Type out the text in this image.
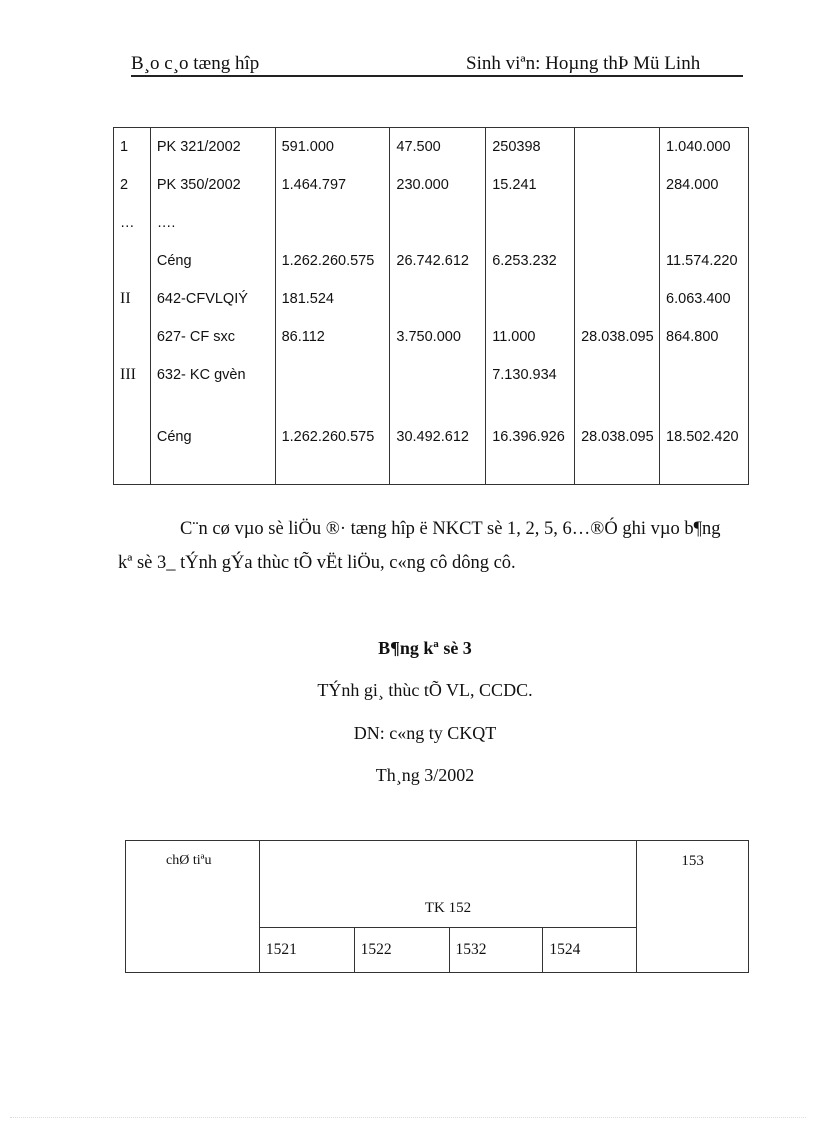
B¸o c¸o tæng hîp	Sinh viªn: Hoµng thÞ Mü Linh
1	PK 321/2002	591.000	47.500	250398		1.040.000
2	PK 350/2002	1.464.797	230.000	15.241		284.000
…	….					
	Céng	1.262.260.575	26.742.612	6.253.232		11.574.220
II	642-CFVLQIÝ	181.524				6.063.400
	627- CF sxc	86.112	3.750.000	11.000	28.038.095	864.800
III	632- KC gvèn			7.130.934		

	Céng	1.262.260.575	30.492.612	16.396.926	28.038.095	18.502.420

C¨n cø vµo sè liÖu ®· tæng hîp ë NKCT sè 1, 2, 5, 6…®Ó ghi vµo b¶ng
kª sè 3_ tÝnh gÝa thùc tÕ vËt liÖu, c«ng cô dông cô.
B¶ng kª sè 3
TÝnh gi¸ thùc tÕ VL, CCDC.
DN: c«ng ty CKQT
Th¸ng 3/2002
chØ tiªu	TK 152				153
	1521	1522	1532	1524	
